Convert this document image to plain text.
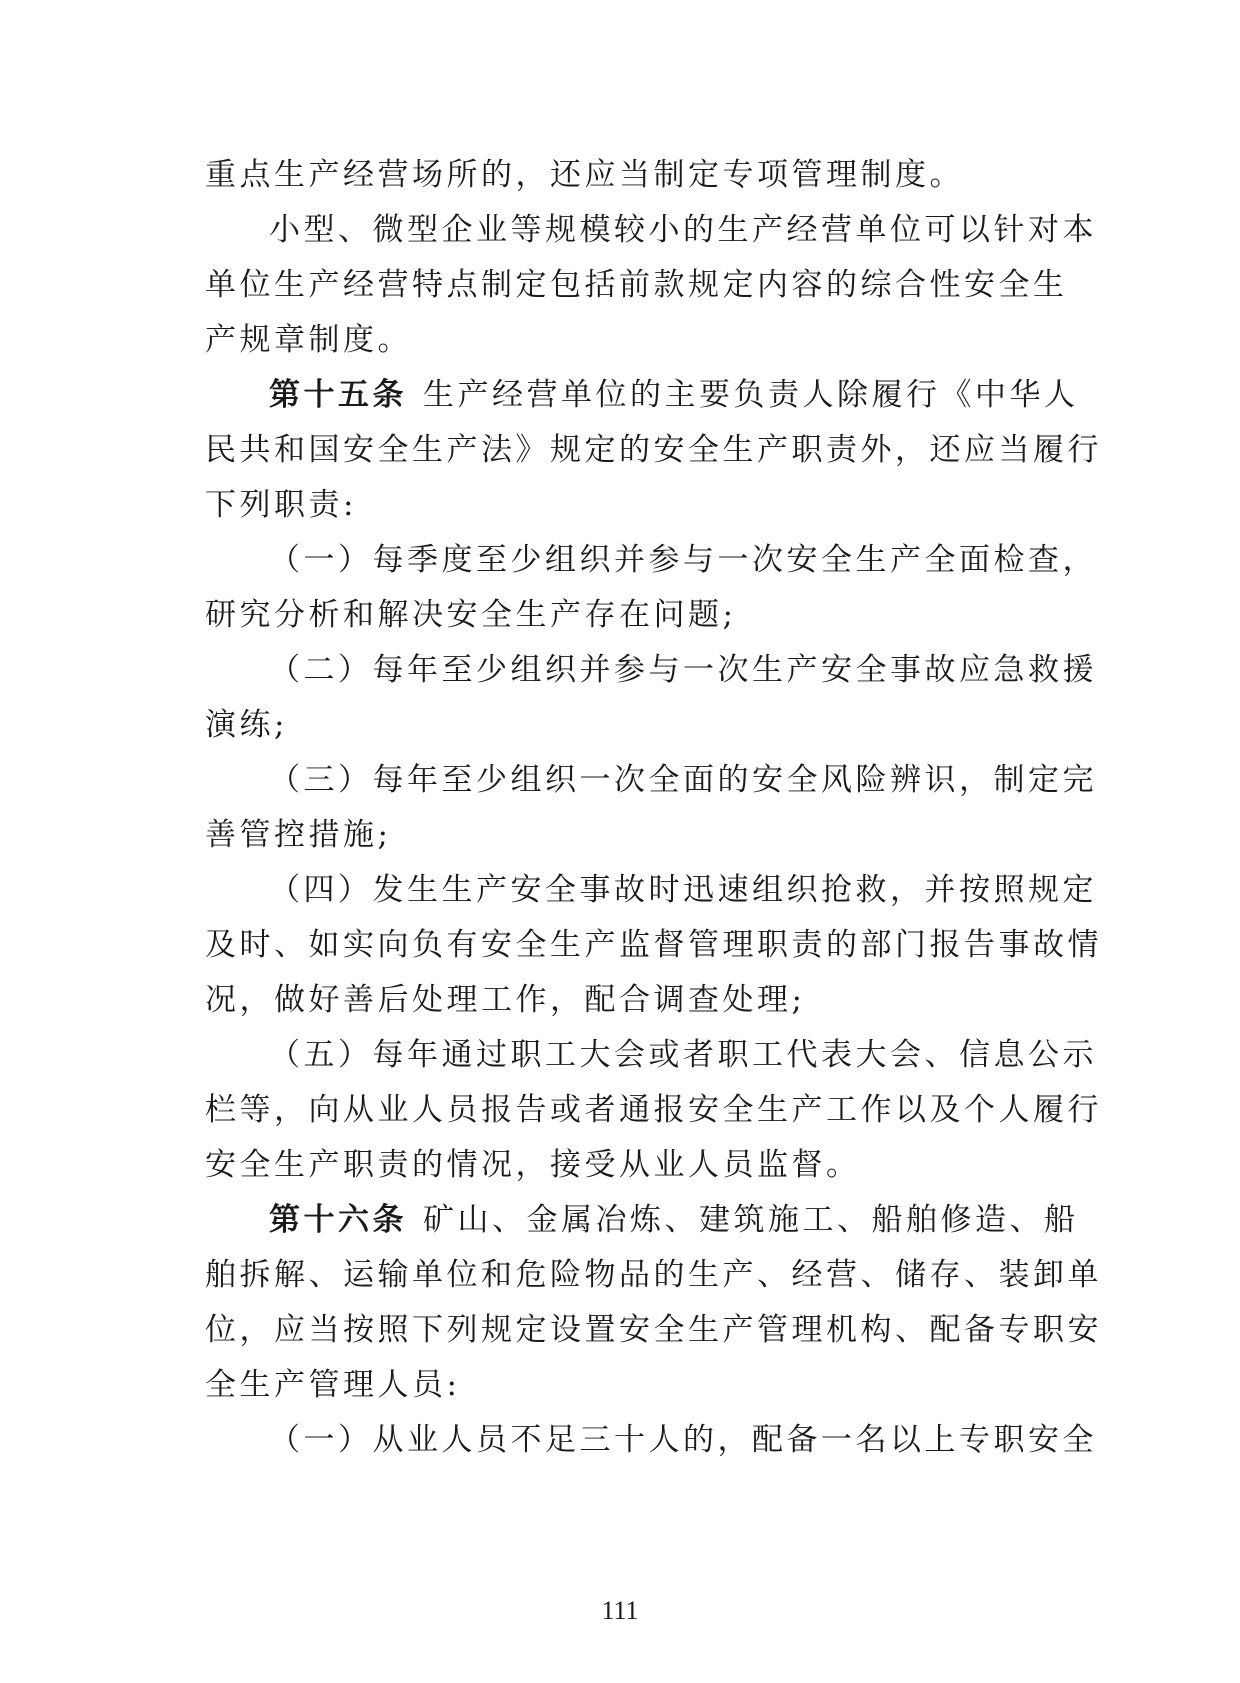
重点生产经营场所的，还应当制定专项管理制度。
小型、微型企业等规模较小的生产经营单位可以针对本
单位生产经营特点制定包括前款规定内容的综合性安全生
产规章制度。
第十五条 生产经营单位的主要负责人除履行《中华人
民共和国安全生产法》规定的安全生产职责外，还应当履行
下列职责:
（一）每季度至少组织并参与一次安全生产全面检查，
研究分析和解决安全生产存在问题;
（二）每年至少组织并参与一次生产安全事故应急救援
演练;
（三）每年至少组织一次全面的安全风险辨识，制定完
善管控措施;
（四）发生生产安全事故时迅速组织抢救，并按照规定
及时、如实向负有安全生产监督管理职责的部门报告事故情
况，做好善后处理工作，配合调查处理;
（五）每年通过职工大会或者职工代表大会、信息公示
栏等，向从业人员报告或者通报安全生产工作以及个人履行
安全生产职责的情况，接受从业人员监督。
第十六条 矿山、金属冶炼、建筑施工、船舶修造、船
舶拆解、运输单位和危险物品的生产、经营、储存、装卸单
位，应当按照下列规定设置安全生产管理机构、配备专职安
全生产管理人员:
（一）从业人员不足三十人的，配备一名以上专职安全
111
